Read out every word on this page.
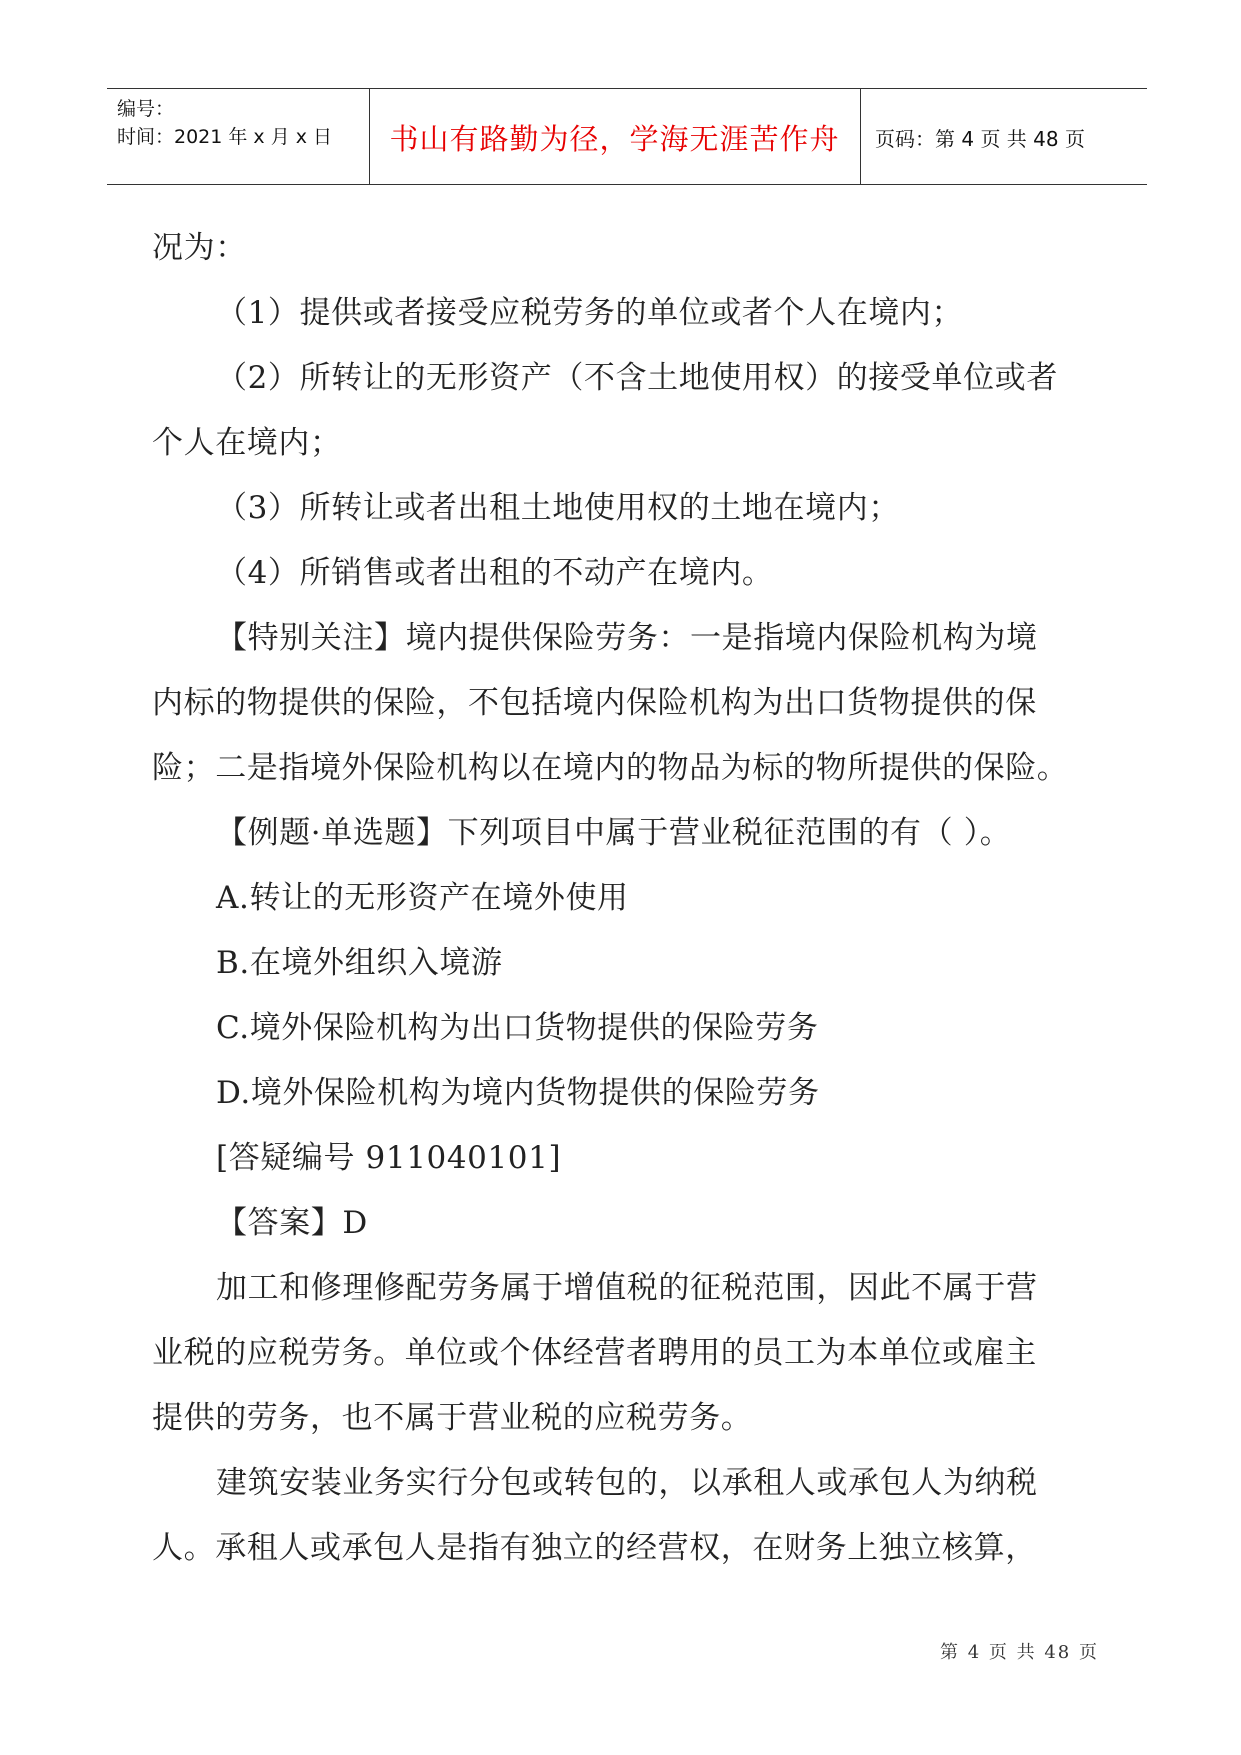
编号：
时间：2021 年 x 月 x 日	书山有路勤为径，学海无涯苦作舟	页码：第 4 页 共 48 页
况为：
（1）提供或者接受应税劳务的单位或者个人在境内；
（2）所转让的无形资产（不含土地使用权）的接受单位或者
个人在境内；
（3）所转让或者出租土地使用权的土地在境内；
（4）所销售或者出租的不动产在境内。
【特别关注】境内提供保险劳务：一是指境内保险机构为境
内标的物提供的保险，不包括境内保险机构为出口货物提供的保
险；二是指境外保险机构以在境内的物品为标的物所提供的保险。
【例题·单选题】下列项目中属于营业税征范围的有（ ）。
A.转让的无形资产在境外使用
B.在境外组织入境游
C.境外保险机构为出口货物提供的保险劳务
D.境外保险机构为境内货物提供的保险劳务
[答疑编号 911040101]
【答案】D
加工和修理修配劳务属于增值税的征税范围，因此不属于营
业税的应税劳务。单位或个体经营者聘用的员工为本单位或雇主
提供的劳务，也不属于营业税的应税劳务。
建筑安装业务实行分包或转包的，以承租人或承包人为纳税
人。承租人或承包人是指有独立的经营权，在财务上独立核算，
第 4 页 共 48 页
